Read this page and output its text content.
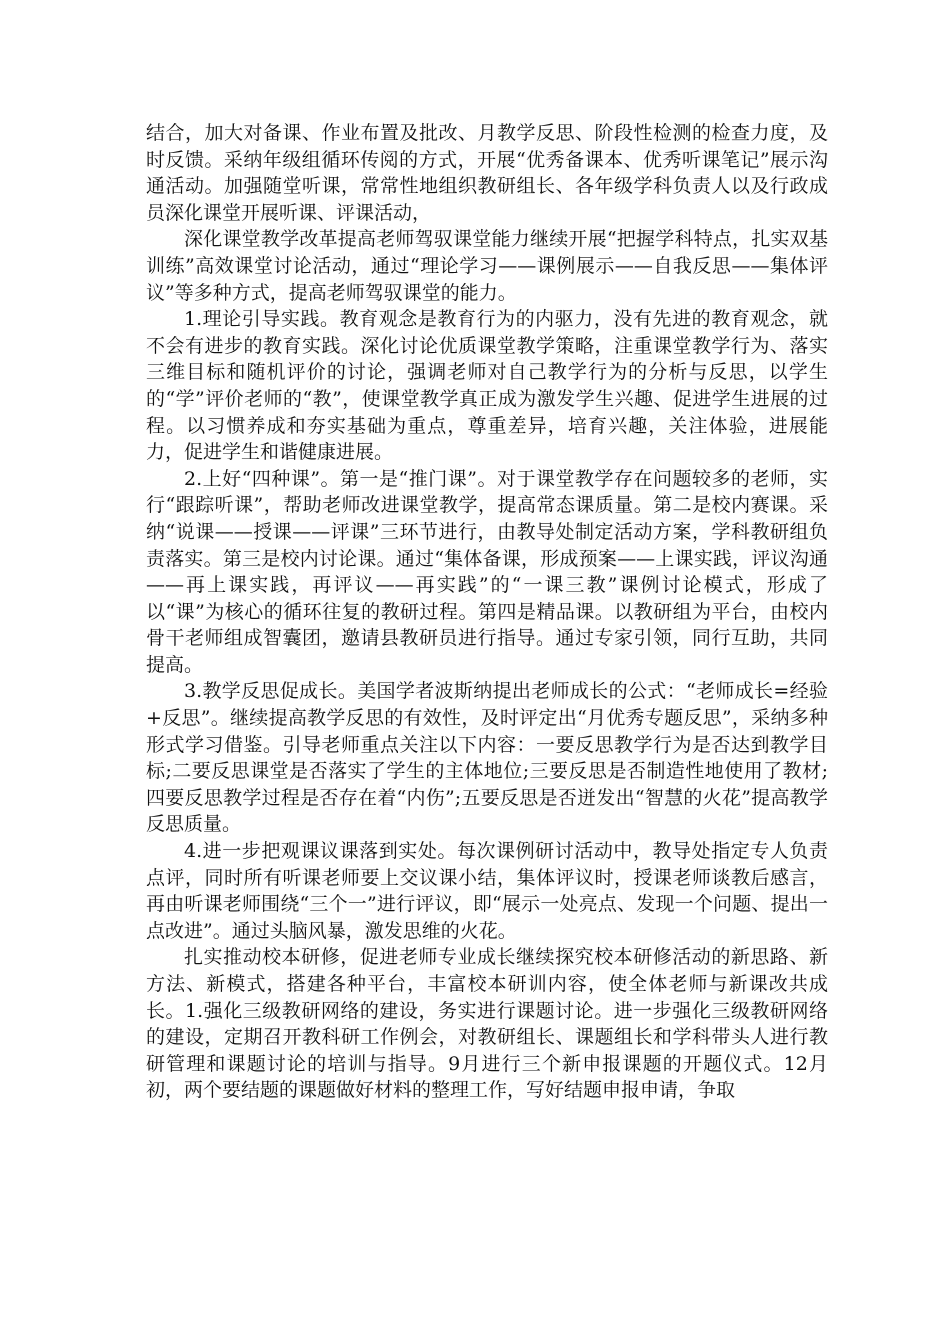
结合，加大对备课、作业布置及批改、月教学反思、阶段性检测的检查力度，及时反馈。采纳年级组循环传阅的方式，开展“优秀备课本、优秀听课笔记”展示沟通活动。加强随堂听课，常常性地组织教研组长、各年级学科负责人以及行政成员深化课堂开展听课、评课活动，

深化课堂教学改革提高老师驾驭课堂能力继续开展“把握学科特点，扎实双基训练”高效课堂讨论活动，通过“理论学习——课例展示——自我反思——集体评议”等多种方式，提高老师驾驭课堂的能力。

1.理论引导实践。教育观念是教育行为的内驱力，没有先进的教育观念，就不会有进步的教育实践。深化讨论优质课堂教学策略，注重课堂教学行为、落实三维目标和随机评价的讨论，强调老师对自己教学行为的分析与反思，以学生的“学”评价老师的“教”，使课堂教学真正成为激发学生兴趣、促进学生进展的过程。以习惯养成和夯实基础为重点，尊重差异，培育兴趣，关注体验，进展能力，促进学生和谐健康进展。

2.上好“四种课”。第一是“推门课”。对于课堂教学存在问题较多的老师，实行“跟踪听课”，帮助老师改进课堂教学，提高常态课质量。第二是校内赛课。采纳“说课——授课——评课”三环节进行，由教导处制定活动方案，学科教研组负责落实。第三是校内讨论课。通过“集体备课，形成预案——上课实践，评议沟通——再上课实践，再评议——再实践”的“一课三教”课例讨论模式，形成了以“课”为核心的循环往复的教研过程。第四是精品课。以教研组为平台，由校内骨干老师组成智囊团，邀请县教研员进行指导。通过专家引领，同行互助，共同提高。

3.教学反思促成长。美国学者波斯纳提出老师成长的公式：“老师成长=经验+反思”。继续提高教学反思的有效性，及时评定出“月优秀专题反思”，采纳多种形式学习借鉴。引导老师重点关注以下内容：一要反思教学行为是否达到教学目标;二要反思课堂是否落实了学生的主体地位;三要反思是否制造性地使用了教材;四要反思教学过程是否存在着“内伤”;五要反思是否迸发出“智慧的火花”提高教学反思质量。

4.进一步把观课议课落到实处。每次课例研讨活动中，教导处指定专人负责点评，同时所有听课老师要上交议课小结，集体评议时，授课老师谈教后感言，再由听课老师围绕“三个一”进行评议，即“展示一处亮点、发现一个问题、提出一点改进”。通过头脑风暴，激发思维的火花。

扎实推动校本研修，促进老师专业成长继续探究校本研修活动的新思路、新方法、新模式，搭建各种平台，丰富校本研训内容，使全体老师与新课改共成长。1.强化三级教研网络的建设，务实进行课题讨论。进一步强化三级教研网络的建设，定期召开教科研工作例会，对教研组长、课题组长和学科带头人进行教研管理和课题讨论的培训与指导。9月进行三个新申报课题的开题仪式。12月初，两个要结题的课题做好材料的整理工作，写好结题申报申请，争取
